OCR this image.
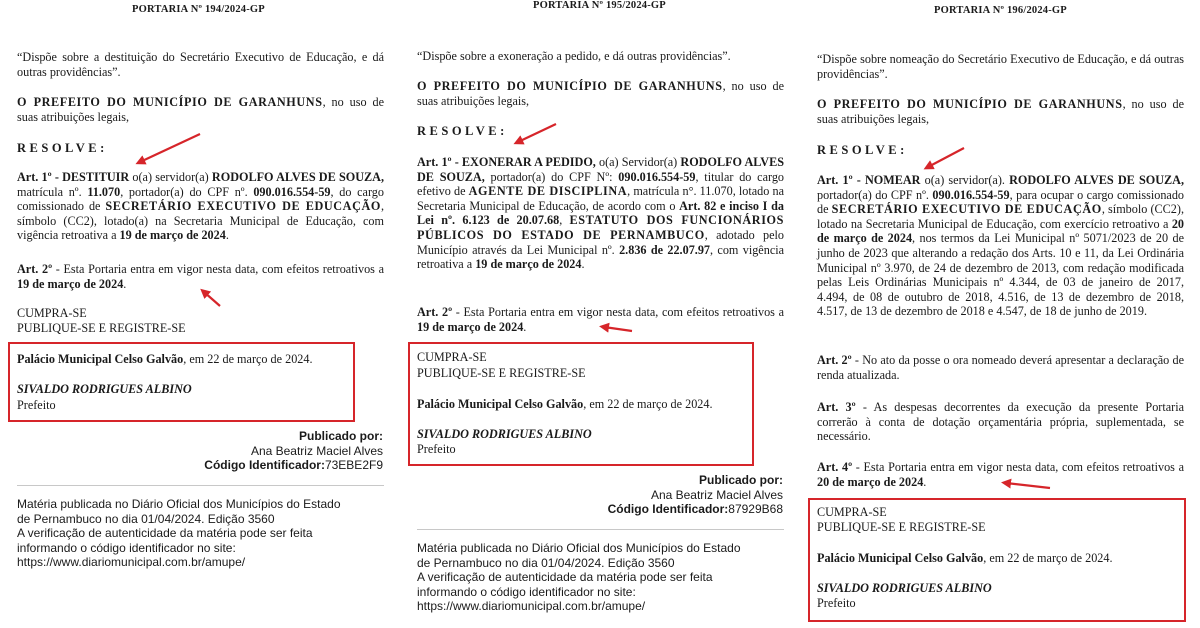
PORTARIA Nº 194/2024-GP

“Dispõe sobre a destituição do Secretário Executivo de Educação, e dá outras providências”.

O PREFEITO DO MUNICÍPIO DE GARANHUNS, no uso de suas atribuições legais,

RESOLVE:

Art. 1º - DESTITUIR o(a) servidor(a) RODOLFO ALVES DE SOUZA, matrícula nº. 11.070, portador(a) do CPF nº. 090.016.554-59, do cargo comissionado de SECRETÁRIO EXECUTIVO DE EDUCAÇÃO, símbolo (CC2), lotado(a) na Secretaria Municipal de Educação, com vigência retroativa a 19 de março de 2024.

Art. 2º - Esta Portaria entra em vigor nesta data, com efeitos retroativos a 19 de março de 2024.

CUMPRA-SE

PUBLIQUE-SE E REGISTRE-SE

Palácio Municipal Celso Galvão, em 22 de março de 2024.

SIVALDO RODRIGUES ALBINO

Prefeito

Publicado por:
Ana Beatriz Maciel Alves
Código Identificador:73EBE2F9
Matéria publicada no Diário Oficial dos Municípios do Estado
de Pernambuco no dia 01/04/2024. Edição 3560
A verificação de autenticidade da matéria pode ser feita
informando o código identificador no site:
https://www.diariomunicipal.com.br/amupe/
PORTARIA Nº 195/2024-GP

“Dispõe sobre a exoneração a pedido, e dá outras providências”.

O PREFEITO DO MUNICÍPIO DE GARANHUNS, no uso de suas atribuições legais,

RESOLVE:

Art. 1º - EXONERAR A PEDIDO, o(a) Servidor(a) RODOLFO ALVES DE SOUZA, portador(a) do CPF Nº: 090.016.554-59, titular do cargo efetivo de AGENTE DE DISCIPLINA, matrícula n°. 11.070, lotado na Secretaria Municipal de Educação, de acordo com o Art. 82 e inciso I da Lei nº. 6.123 de 20.07.68, ESTATUTO DOS FUNCIONÁRIOS PÚBLICOS DO ESTADO DE PERNAMBUCO, adotado pelo Município através da Lei Municipal nº. 2.836 de 22.07.97, com vigência retroativa a 19 de março de 2024.

Art. 2º - Esta Portaria entra em vigor nesta data, com efeitos retroativos a 19 de março de 2024.

CUMPRA-SE

PUBLIQUE-SE E REGISTRE-SE

Palácio Municipal Celso Galvão, em 22 de março de 2024.

SIVALDO RODRIGUES ALBINO

Prefeito

Publicado por:
Ana Beatriz Maciel Alves
Código Identificador:87929B68
Matéria publicada no Diário Oficial dos Municípios do Estado
de Pernambuco no dia 01/04/2024. Edição 3560
A verificação de autenticidade da matéria pode ser feita
informando o código identificador no site:
https://www.diariomunicipal.com.br/amupe/
PORTARIA Nº 196/2024-GP

“Dispõe sobre nomeação do Secretário Executivo de Educação, e dá outras providências”.

O PREFEITO DO MUNICÍPIO DE GARANHUNS, no uso de suas atribuições legais,

RESOLVE:

Art. 1º - NOMEAR o(a) servidor(a). RODOLFO ALVES DE SOUZA, portador(a) do CPF nº. 090.016.554-59, para ocupar o cargo comissionado de SECRETÁRIO EXECUTIVO DE EDUCAÇÃO, símbolo (CC2), lotado na Secretaria Municipal de Educação, com exercício retroativo a 20 de março de 2024, nos termos da Lei Municipal nº 5071/2023 de 20 de junho de 2023 que alterando a redação dos Arts. 10 e 11, da Lei Ordinária Municipal nº 3.970, de 24 de dezembro de 2013, com redação modificada pelas Leis Ordinárias Municipais nº 4.344, de 03 de janeiro de 2017, 4.494, de 08 de outubro de 2018, 4.516, de 13 de dezembro de 2018, 4.517, de 13 de dezembro de 2018 e 4.547, de 18 de junho de 2019.

Art. 2º - No ato da posse o ora nomeado deverá apresentar a declaração de renda atualizada.

Art. 3º - As despesas decorrentes da execução da presente Portaria correrão à conta de dotação orçamentária própria, suplementada, se necessário.

Art. 4º - Esta Portaria entra em vigor nesta data, com efeitos retroativos a 20 de março de 2024.

CUMPRA-SE

PUBLIQUE-SE E REGISTRE-SE

Palácio Municipal Celso Galvão, em 22 de março de 2024.

SIVALDO RODRIGUES ALBINO

Prefeito
